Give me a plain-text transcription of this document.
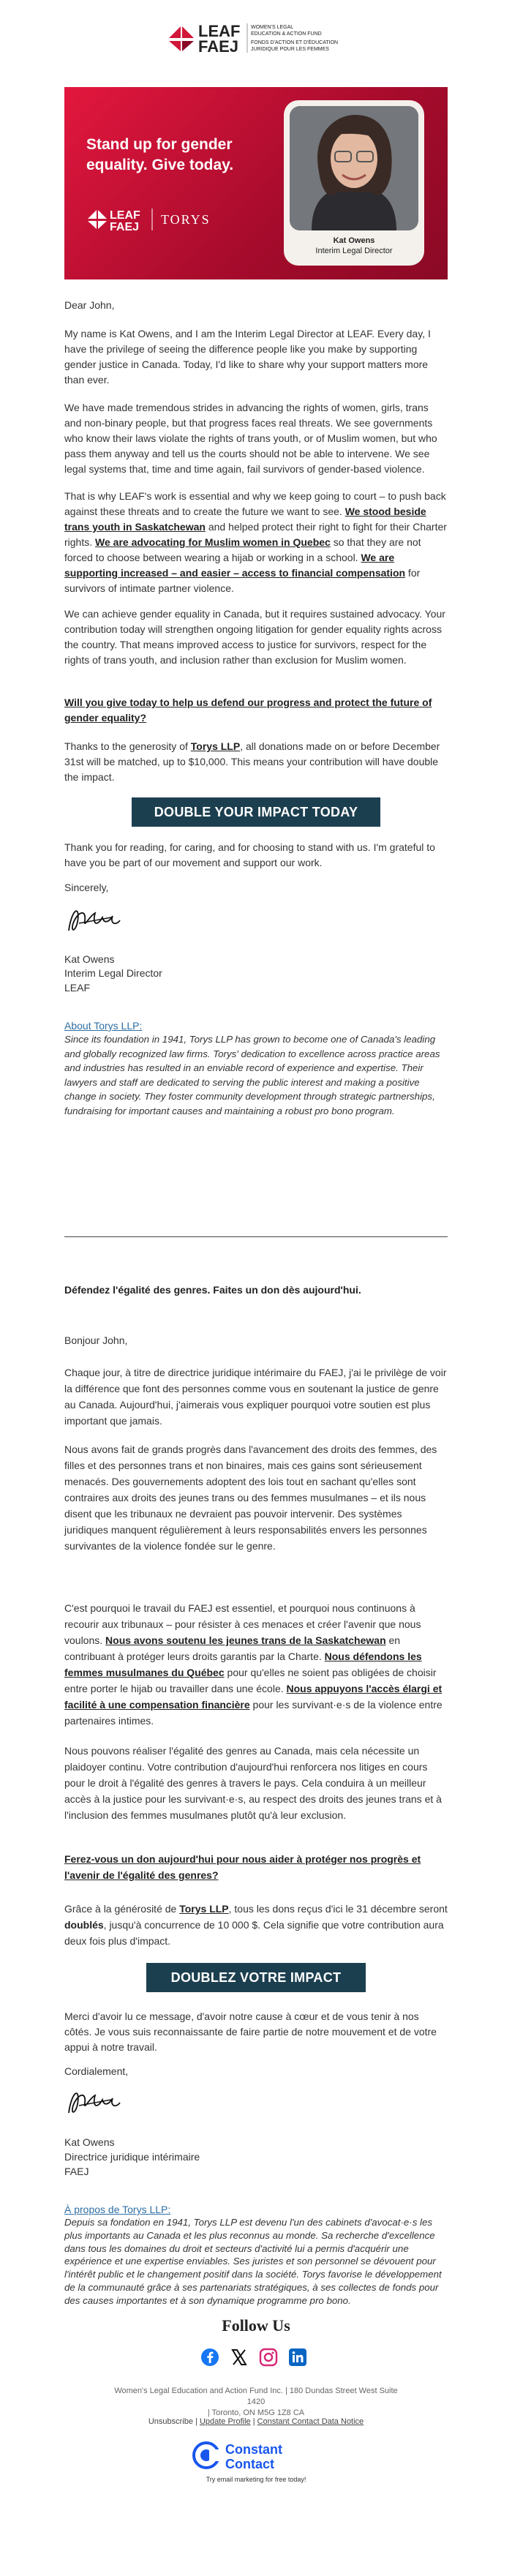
LEAF
FAEJ
WOMEN'S LEGAL
EDUCATION & ACTION FUND
FONDS D'ACTION ET D'ÉDUCATION
JURIDIQUE POUR LES FEMMES
Stand up for gender equality. Give today.
LEAF
FAEJ
TORYS
Kat Owens
Interim Legal Director
Dear John,
My name is Kat Owens, and I am the Interim Legal Director at LEAF. Every day, I have the privilege of seeing the difference people like you make by supporting gender justice in Canada. Today, I'd like to share why your support matters more than ever.
We have made tremendous strides in advancing the rights of women, girls, trans and non-binary people, but that progress faces real threats. We see governments who know their laws violate the rights of trans youth, or of Muslim women, but who pass them anyway and tell us the courts should not be able to intervene. We see legal systems that, time and time again, fail survivors of gender-based violence.
That is why LEAF's work is essential and why we keep going to court – to push back against these threats and to create the future we want to see. We stood beside trans youth in Saskatchewan and helped protect their right to fight for their Charter rights. We are advocating for Muslim women in Quebec so that they are not forced to choose between wearing a hijab or working in a school. We are supporting increased – and easier – access to financial compensation for survivors of intimate partner violence.
We can achieve gender equality in Canada, but it requires sustained advocacy. Your contribution today will strengthen ongoing litigation for gender equality rights across the country. That means improved access to justice for survivors, respect for the rights of trans youth, and inclusion rather than exclusion for Muslim women.
Will you give today to help us defend our progress and protect the future of gender equality?
Thanks to the generosity of Torys LLP, all donations made on or before December 31st will be matched, up to $10,000. This means your contribution will have double the impact.
DOUBLE YOUR IMPACT TODAY
Thank you for reading, for caring, and for choosing to stand with us. I'm grateful to have you be part of our movement and support our work.
Sincerely,
Kat Owens
Interim Legal Director
LEAF
About Torys LLP:
Since its foundation in 1941, Torys LLP has grown to become one of Canada's leading and globally recognized law firms. Torys' dedication to excellence across practice areas and industries has resulted in an enviable record of experience and expertise. Their lawyers and staff are dedicated to serving the public interest and making a positive change in society. They foster community development through strategic partnerships, fundraising for important causes and maintaining a robust pro bono program.
Défendez l'égalité des genres. Faites un don dès aujourd'hui.
Bonjour John,
Chaque jour, à titre de directrice juridique intérimaire du FAEJ, j'ai le privilège de voir la différence que font des personnes comme vous en soutenant la justice de genre au Canada. Aujourd'hui, j'aimerais vous expliquer pourquoi votre soutien est plus important que jamais.
Nous avons fait de grands progrès dans l'avancement des droits des femmes, des filles et des personnes trans et non binaires, mais ces gains sont sérieusement menacés. Des gouvernements adoptent des lois tout en sachant qu'elles sont contraires aux droits des jeunes trans ou des femmes musulmanes – et ils nous disent que les tribunaux ne devraient pas pouvoir intervenir. Des systèmes juridiques manquent régulièrement à leurs responsabilités envers les personnes survivantes de la violence fondée sur le genre.
C'est pourquoi le travail du FAEJ est essentiel, et pourquoi nous continuons à recourir aux tribunaux – pour résister à ces menaces et créer l'avenir que nous voulons. Nous avons soutenu les jeunes trans de la Saskatchewan en contribuant à protéger leurs droits garantis par la Charte. Nous défendons les femmes musulmanes du Québec pour qu'elles ne soient pas obligées de choisir entre porter le hijab ou travailler dans une école. Nous appuyons l'accès élargi et facilité à une compensation financière pour les survivant·e·s de la violence entre partenaires intimes.
Nous pouvons réaliser l'égalité des genres au Canada, mais cela nécessite un plaidoyer continu. Votre contribution d'aujourd'hui renforcera nos litiges en cours pour le droit à l'égalité des genres à travers le pays. Cela conduira à un meilleur accès à la justice pour les survivant·e·s, au respect des droits des jeunes trans et à l'inclusion des femmes musulmanes plutôt qu'à leur exclusion.
Ferez-vous un don aujourd'hui pour nous aider à protéger nos progrès et l'avenir de l'égalité des genres?
Grâce à la générosité de Torys LLP, tous les dons reçus d'ici le 31 décembre seront doublés, jusqu'à concurrence de 10 000 $. Cela signifie que votre contribution aura deux fois plus d'impact.
DOUBLEZ VOTRE IMPACT
Merci d'avoir lu ce message, d'avoir notre cause à cœur et de vous tenir à nos côtés. Je vous suis reconnaissante de faire partie de notre mouvement et de votre appui à notre travail.
Cordialement,
Kat Owens
Directrice juridique intérimaire
FAEJ
À propos de Torys LLP:
Depuis sa fondation en 1941, Torys LLP est devenu l'un des cabinets d'avocat·e·s les plus importants au Canada et les plus reconnus au monde. Sa recherche d'excellence dans tous les domaines du droit et secteurs d'activité lui a permis d'acquérir une expérience et une expertise enviables. Ses juristes et son personnel se dévouent pour l'intérêt public et le changement positif dans la société. Torys favorise le développement de la communauté grâce à ses partenariats stratégiques, à ses collectes de fonds pour des causes importantes et à son dynamique programme pro bono.
Follow Us
Women's Legal Education and Action Fund Inc. | 180 Dundas Street West Suite 1420
| Toronto, ON M5G 1Z8 CA
Unsubscribe | Update Profile | Constant Contact Data Notice
Constant
Contact
Try email marketing for free today!
